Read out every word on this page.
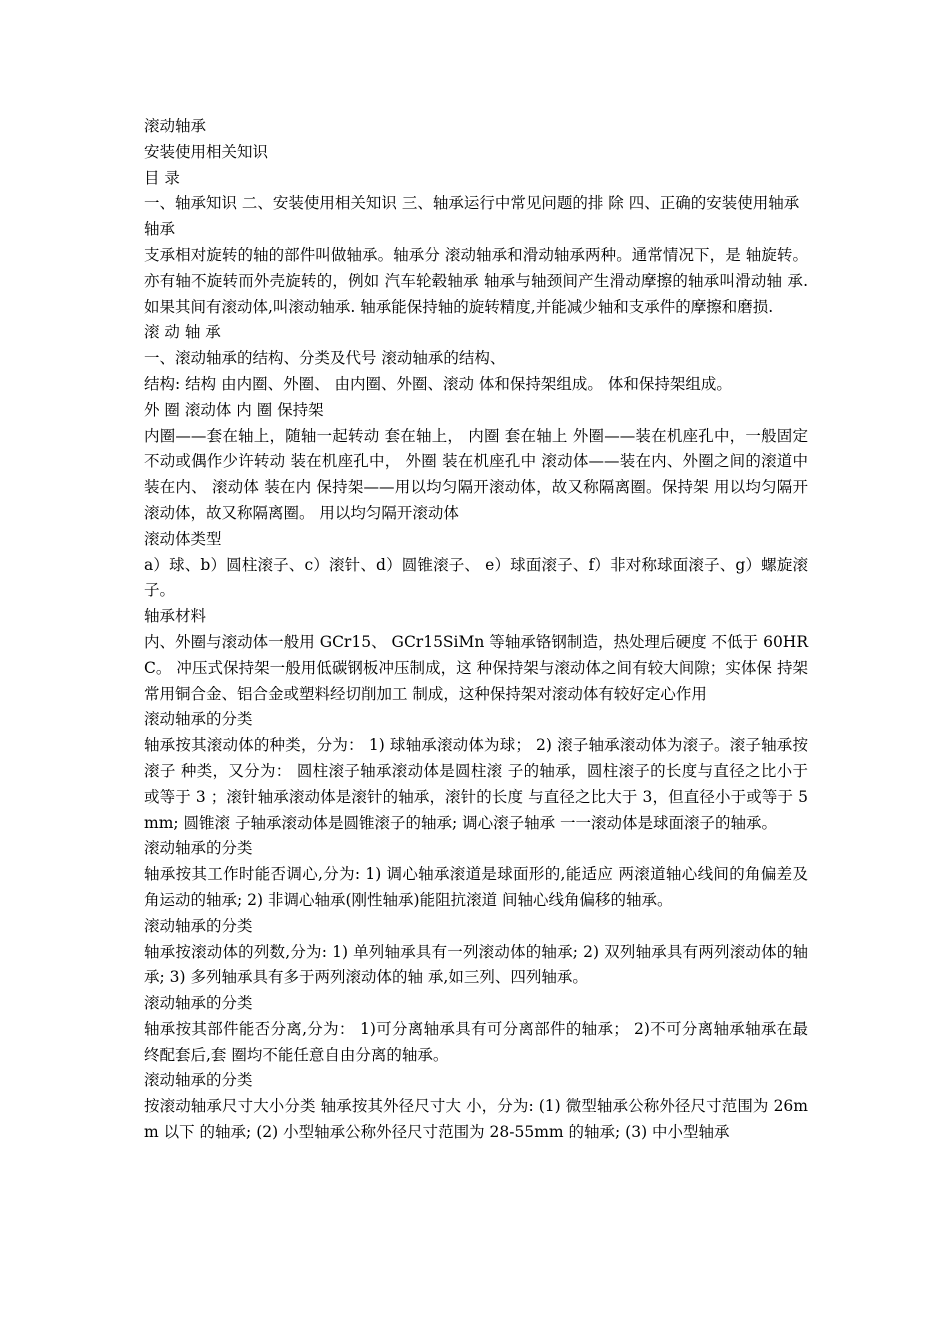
滚动轴承

安装使用相关知识

目 录

一、轴承知识 二、安装使用相关知识 三、轴承运行中常见问题的排 除 四、正确的安装使用轴承

轴承

支承相对旋转的轴的部件叫做轴承。轴承分 滚动轴承和滑动轴承两种。通常情况下，是 轴旋转。亦有轴不旋转而外壳旋转的，例如 汽车轮毂轴承 轴承与轴颈间产生滑动摩擦的轴承叫滑动轴 承.如果其间有滚动体,叫滚动轴承. 轴承能保持轴的旋转精度,并能减少轴和支承件的摩擦和磨损.

滚 动 轴 承

一、滚动轴承的结构、分类及代号 滚动轴承的结构、

结构: 结构 由内圈、外圈、 由内圈、外圈、滚动 体和保持架组成。 体和保持架组成。

外 圈 滚动体 内 圈 保持架

内圈——套在轴上，随轴一起转动 套在轴上， 内圈 套在轴上 外圈——装在机座孔中，一般固定不动或偶作少许转动 装在机座孔中， 外圈 装在机座孔中 滚动体——装在内、外圈之间的滚道中 装在内、 滚动体 装在内 保持架——用以均匀隔开滚动体，故又称隔离圈。保持架 用以均匀隔开滚动体，故又称隔离圈。 用以均匀隔开滚动体

滚动体类型

a）球、b）圆柱滚子、c）滚针、d）圆锥滚子、 e）球面滚子、f）非对称球面滚子、g）螺旋滚子。

轴承材料

内、外圈与滚动体一般用 GCr15、 GCr15SiMn 等轴承铬钢制造，热处理后硬度 不低于 60HRC。 冲压式保持架一般用低碳钢板冲压制成，这 种保持架与滚动体之间有较大间隙；实体保 持架常用铜合金、铝合金或塑料经切削加工 制成，这种保持架对滚动体有较好定心作用

滚动轴承的分类

轴承按其滚动体的种类，分为： 1) 球轴承滚动体为球； 2) 滚子轴承滚动体为滚子。滚子轴承按滚子 种类，又分为： 圆柱滚子轴承滚动体是圆柱滚 子的轴承，圆柱滚子的长度与直径之比小于或等于 3 ；滚针轴承滚动体是滚针的轴承，滚针的长度 与直径之比大于 3，但直径小于或等于 5mm; 圆锥滚 子轴承滚动体是圆锥滚子的轴承; 调心滚子轴承 一一滚动体是球面滚子的轴承。

滚动轴承的分类

轴承按其工作时能否调心,分为: 1) 调心轴承滚道是球面形的,能适应 两滚道轴心线间的角偏差及角运动的轴承; 2) 非调心轴承(刚性轴承)能阻抗滚道 间轴心线角偏移的轴承。

滚动轴承的分类

轴承按滚动体的列数,分为: 1) 单列轴承具有一列滚动体的轴承; 2) 双列轴承具有两列滚动体的轴承; 3) 多列轴承具有多于两列滚动体的轴 承,如三列、四列轴承。

滚动轴承的分类

轴承按其部件能否分离,分为： 1)可分离轴承具有可分离部件的轴承； 2)不可分离轴承轴承在最终配套后,套 圈均不能任意自由分离的轴承。

滚动轴承的分类

按滚动轴承尺寸大小分类 轴承按其外径尺寸大 小，分为: (1) 微型轴承公称外径尺寸范围为 26mm 以下 的轴承; (2) 小型轴承公称外径尺寸范围为 28-55mm 的轴承; (3) 中小型轴承
